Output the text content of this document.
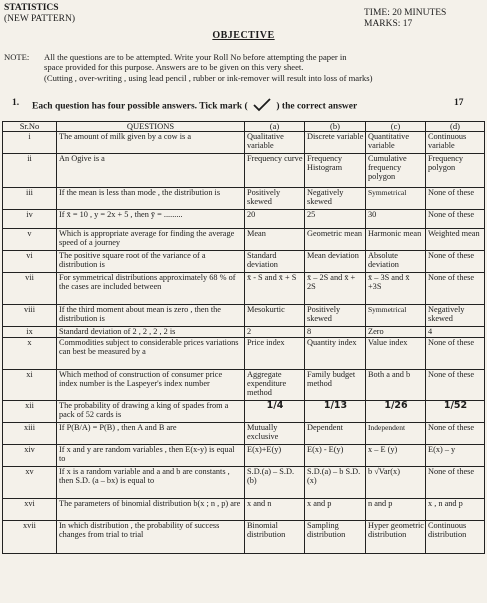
STATISTICS
(NEW PATTERN)
TIME: 20 MINUTES
MARKS: 17
OBJECTIVE
NOTE: All the questions are to be attempted. Write your Roll No before attempting the paper in
space provided for this purpose. Answers are to be given on this very sheet.
(Cutting , over-writing , using lead pencil , rubber or ink-remover will result into loss of marks)
1. Each question has four possible answers. Tick mark (	) the correct answer	17
Sr.No	QUESTIONS	(a)	(b)	(c)	(d)
i	The amount of milk given by a cow is a	Qualitative variable	Discrete variable	Quantitative variable	Continuous variable
ii	An Ogive is a	Frequency curve	Frequency Histogram	Cumulative frequency polygon	Frequency polygon
iii	If the mean is less than mode , the distribution is	Positively skewed	Negatively skewed	Symmetrical	None of these
iv	If x̄ = 10 , y = 2x + 5 , then ȳ = .........	20	25	30	None of these
v	Which is appropriate average for finding the average speed of a journey	Mean	Geometric mean	Harmonic mean	Weighted mean
vi	The positive square root of the variance of a distribution is	Standard deviation	Mean deviation	Absolute deviation	None of these
vii	For symmetrical distributions approximately 68 % of the cases are included between	x̄ - S and x̄ + S	x̄ – 2S and x̄ + 2S	x̄ – 3S and x̄ +3S	None of these
viii	If the third moment about mean is zero , then the distribution is	Mesokurtic	Positively skewed	Symmetrical	Negatively skewed
ix	Standard deviation of 2 , 2 , 2 , 2 is	2	8	Zero	4
x	Commodities subject to considerable prices variations can best be measured by a	Price index	Quantity index	Value index	None of these
xi	Which method of construction of consumer price index number is the Laspeyer's index number	Aggregate expenditure method	Family budget method	Both a and b	None of these
xii	The probability of drawing a king of spades from a pack of 52 cards is	1/4	1/13	1/26	1/52
xiii	If P(B/A) = P(B) , then A and B are	Mutually exclusive	Dependent	Independent	None of these
xiv	If x and y are random variables , then E(x-y) is equal to	E(x)+E(y)	E(x) - E(y)	x – E (y)	E(x) – y
xv	If x is a random variable and a and b are constants , then S.D. (a – bx) is equal to	S.D.(a) – S.D.(b)	S.D.(a) – b S.D.(x)	b √Var(x)	None of these
xvi	The parameters of binomial distribution b(x ; n , p) are	x and n	x and p	n and p	x , n and p
xvii	In which distribution , the probability of success changes from trial to trial	Binomial distribution	Sampling distribution	Hyper geometric distribution	Continuous distribution
